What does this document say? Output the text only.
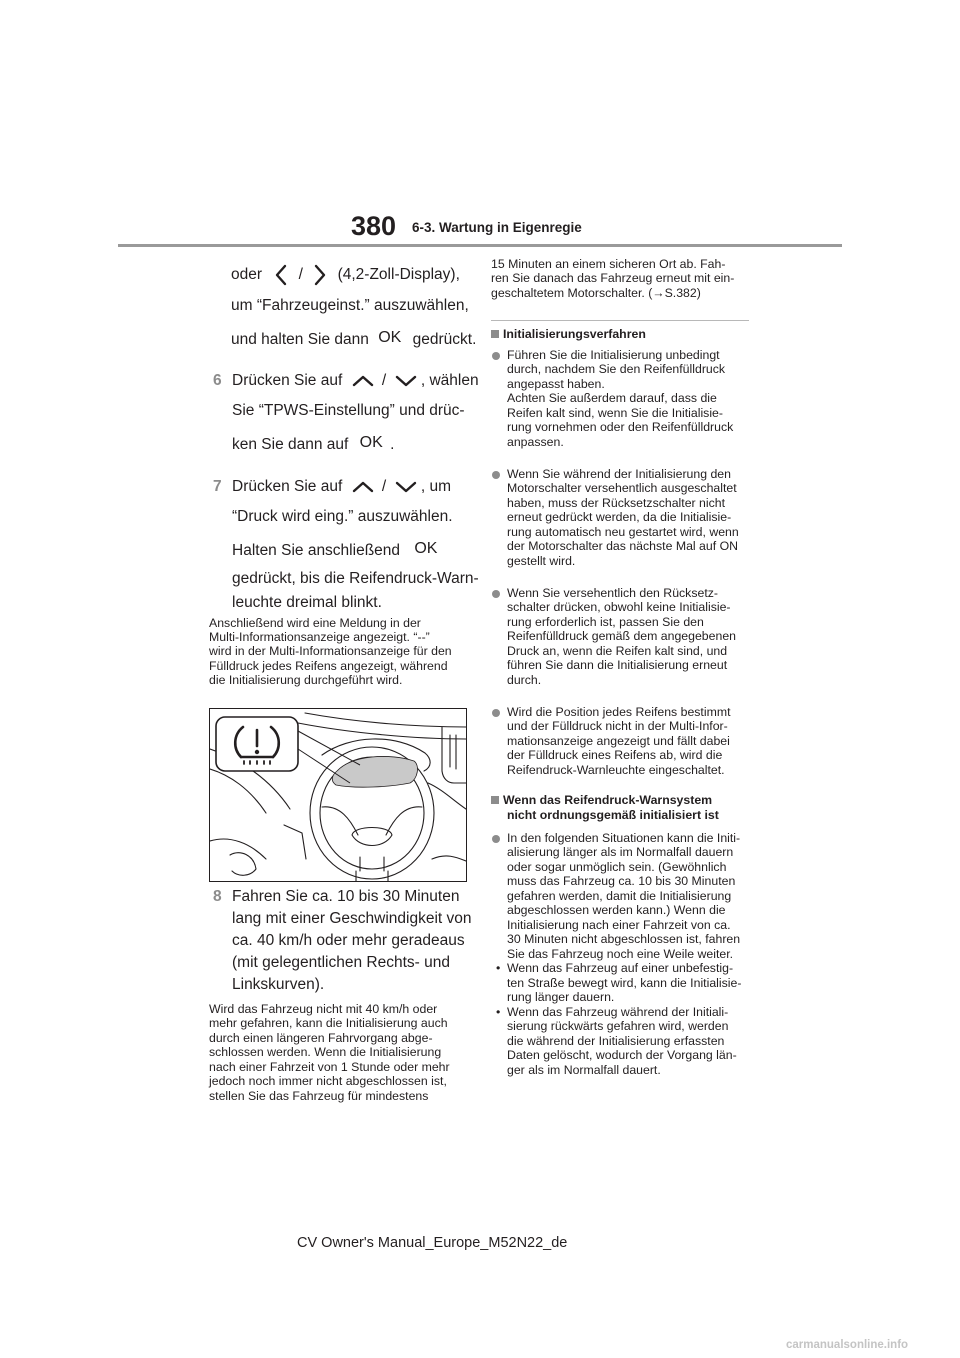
380 6-3. Wartung in Eigenregie
oder / (4,2-Zoll-Display),
um “Fahrzeugeinst.” auszuwählen,
und halten Sie dann OK gedrückt.
6 Drücken Sie auf	/ , wählen
Sie “TPWS-Einstellung” und drüc-
ken Sie dann auf OK .
7 Drücken Sie auf	/ , um
“Druck wird eing.” auszuwählen.
Halten Sie anschließend OK
gedrückt, bis die Reifendruck-Warn-
leuchte dreimal blinkt.
Anschließend wird eine Meldung in der
Multi-Informationsanzeige angezeigt. “--”
wird in der Multi-Informationsanzeige für den
Fülldruck jedes Reifens angezeigt, während
die Initialisierung durchgeführt wird.
8 Fahren Sie ca. 10 bis 30 Minuten
lang mit einer Geschwindigkeit von
ca. 40 km/h oder mehr geradeaus
(mit gelegentlichen Rechts- und
Linkskurven).
Wird das Fahrzeug nicht mit 40 km/h oder
mehr gefahren, kann die Initialisierung auch
durch einen längeren Fahrvorgang abge-
schlossen werden. Wenn die Initialisierung
nach einer Fahrzeit von 1 Stunde oder mehr
jedoch noch immer nicht abgeschlossen ist,
stellen Sie das Fahrzeug für mindestens
15 Minuten an einem sicheren Ort ab. Fah-
ren Sie danach das Fahrzeug erneut mit ein-
geschaltetem Motorschalter. (→S.382)
Initialisierungsverfahren
Führen Sie die Initialisierung unbedingt
durch, nachdem Sie den Reifenfülldruck
angepasst haben.
Achten Sie außerdem darauf, dass die
Reifen kalt sind, wenn Sie die Initialisie-
rung vornehmen oder den Reifenfülldruck
anpassen.
Wenn Sie während der Initialisierung den
Motorschalter versehentlich ausgeschaltet
haben, muss der Rücksetzschalter nicht
erneut gedrückt werden, da die Initialisie-
rung automatisch neu gestartet wird, wenn
der Motorschalter das nächste Mal auf ON
gestellt wird.
Wenn Sie versehentlich den Rücksetz-
schalter drücken, obwohl keine Initialisie-
rung erforderlich ist, passen Sie den
Reifenfülldruck gemäß dem angegebenen
Druck an, wenn die Reifen kalt sind, und
führen Sie dann die Initialisierung erneut
durch.
Wird die Position jedes Reifens bestimmt
und der Fülldruck nicht in der Multi-Infor-
mationsanzeige angezeigt und fällt dabei
der Fülldruck eines Reifens ab, wird die
Reifendruck-Warnleuchte eingeschaltet.
Wenn das Reifendruck-Warnsystem
nicht ordnungsgemäß initialisiert ist
In den folgenden Situationen kann die Initi-
alisierung länger als im Normalfall dauern
oder sogar unmöglich sein. (Gewöhnlich
muss das Fahrzeug ca. 10 bis 30 Minuten
gefahren werden, damit die Initialisierung
abgeschlossen werden kann.) Wenn die
Initialisierung nach einer Fahrzeit von ca.
30 Minuten nicht abgeschlossen ist, fahren
Sie das Fahrzeug noch eine Weile weiter.
• Wenn das Fahrzeug auf einer unbefestig-
ten Straße bewegt wird, kann die Initialisie-
rung länger dauern.
• Wenn das Fahrzeug während der Initiali-
sierung rückwärts gefahren wird, werden
die während der Initialisierung erfassten
Daten gelöscht, wodurch der Vorgang län-
ger als im Normalfall dauert.
CV Owner's Manual_Europe_M52N22_de
carmanualsonline.info
